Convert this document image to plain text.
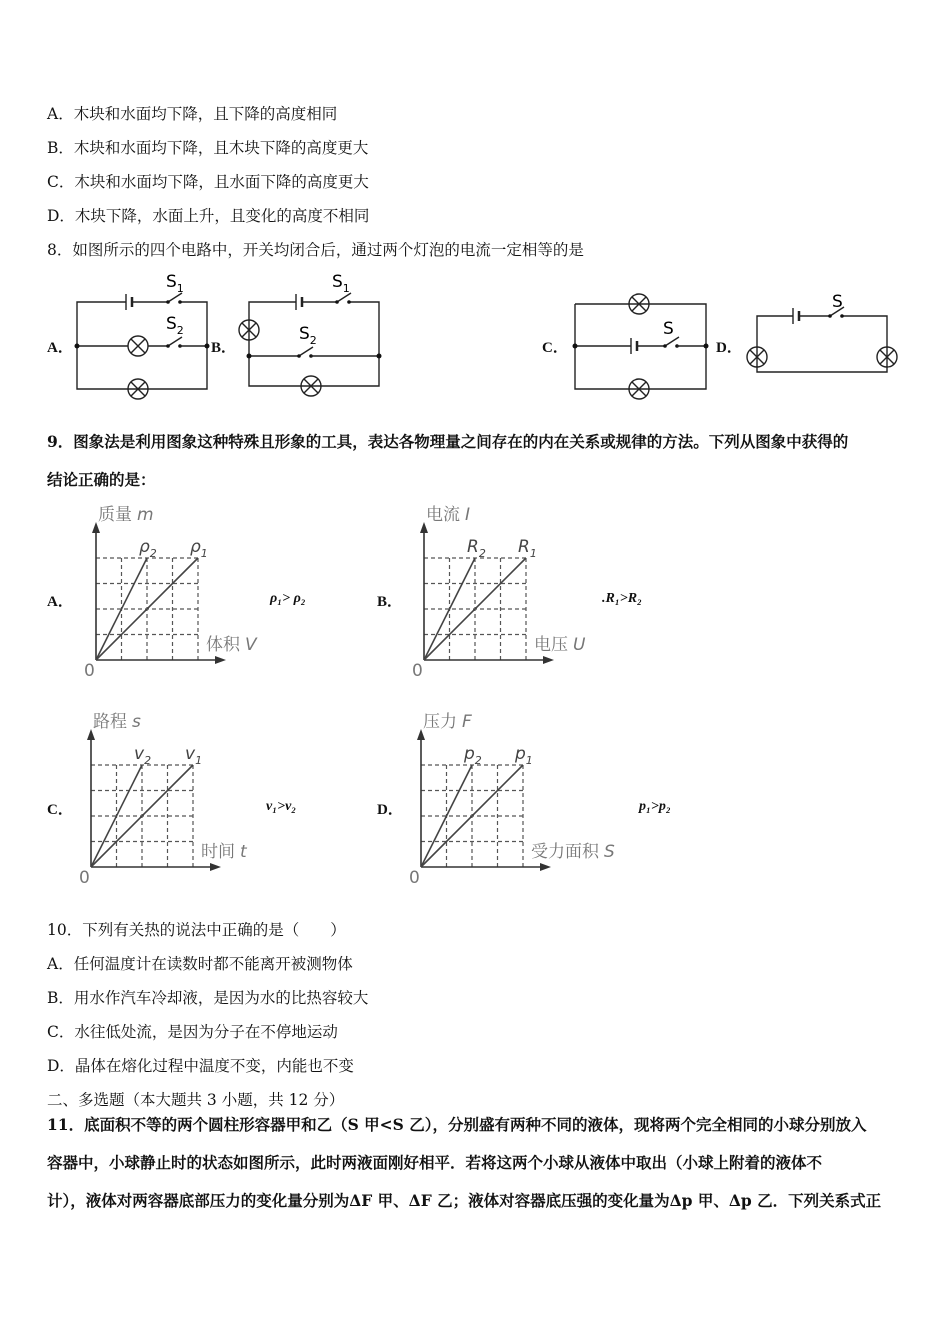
A．木块和水面均下降，且下降的高度相同
B．木块和水面均下降，且木块下降的高度更大
C．木块和水面均下降，且水面下降的高度更大
D．木块下降，水面上升，且变化的高度不相同
8．如图所示的四个电路中，开关均闭合后，通过两个灯泡的电流一定相等的是
A．	B．	C．	D．
$S_1$
$S_2$
$S_1$
$S_2$
S
S
9．图象法是利用图象这种特殊且形象的工具，表达各物理量之间存在的内在关系或规律的方法。下列从图象中获得的
结论正确的是：
A．	B．
C．	D．
ρ₁> ρ₂	.R₁>R₂
v₁>v₂	p₁>p₂
质量 m
体积 V
0
$\rho_2$ $\rho_1$
电流 I
电压 U
0
$R_2$ $R_1$
路程 s
时间 t
0
$v_2$ $v_1$
压力 F
受力面积 S
0
$p_2$ $p_1$
10．下列有关热的说法中正确的是（　　）
A．任何温度计在读数时都不能离开被测物体
B．用水作汽车冷却液，是因为水的比热容较大
C．水往低处流，是因为分子在不停地运动
D．晶体在熔化过程中温度不变，内能也不变
二、多选题（本大题共 3 小题，共 12 分）
11．底面积不等的两个圆柱形容器甲和乙（S 甲<S 乙），分别盛有两种不同的液体，现将两个完全相同的小球分别放入
容器中，小球静止时的状态如图所示，此时两液面刚好相平．若将这两个小球从液体中取出（小球上附着的液体不
计），液体对两容器底部压力的变化量分别为ΔF 甲、ΔF 乙；液体对容器底压强的变化量为Δp 甲、Δp 乙．下列关系式正
